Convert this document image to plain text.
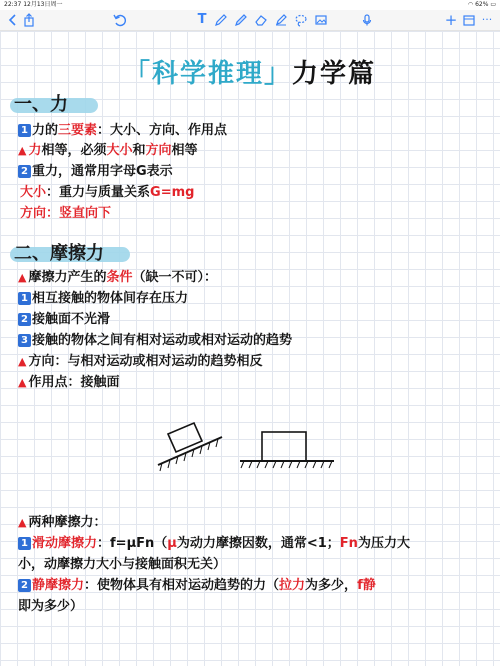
22:37 12月13日周一	◠ 62% ▭
T	+ ···
「科学推理」力学篇
一、力
1 力的三要素：大小、方向、作用点
▲ 力相等，必须大小和方向相等
2 重力，通常用字母G表示
大小：重力与质量关系G=mg
方向：竖直向下
二、摩擦力
▲ 摩擦力产生的条件（缺一不可）：
1 相互接触的物体间存在压力
2 接触面不光滑
3 接触的物体之间有相对运动或相对运动的趋势
▲ 方向：与相对运动或相对运动的趋势相反
▲ 作用点：接触面
▲ 两种摩擦力：
1 滑动摩擦力：f=μFn（μ为动力摩擦因数，通常<1；Fn为压力大
小，动摩擦力大小与接触面积无关）
2 静摩擦力：使物体具有相对运动趋势的力（拉力为多少，f静
即为多少）
